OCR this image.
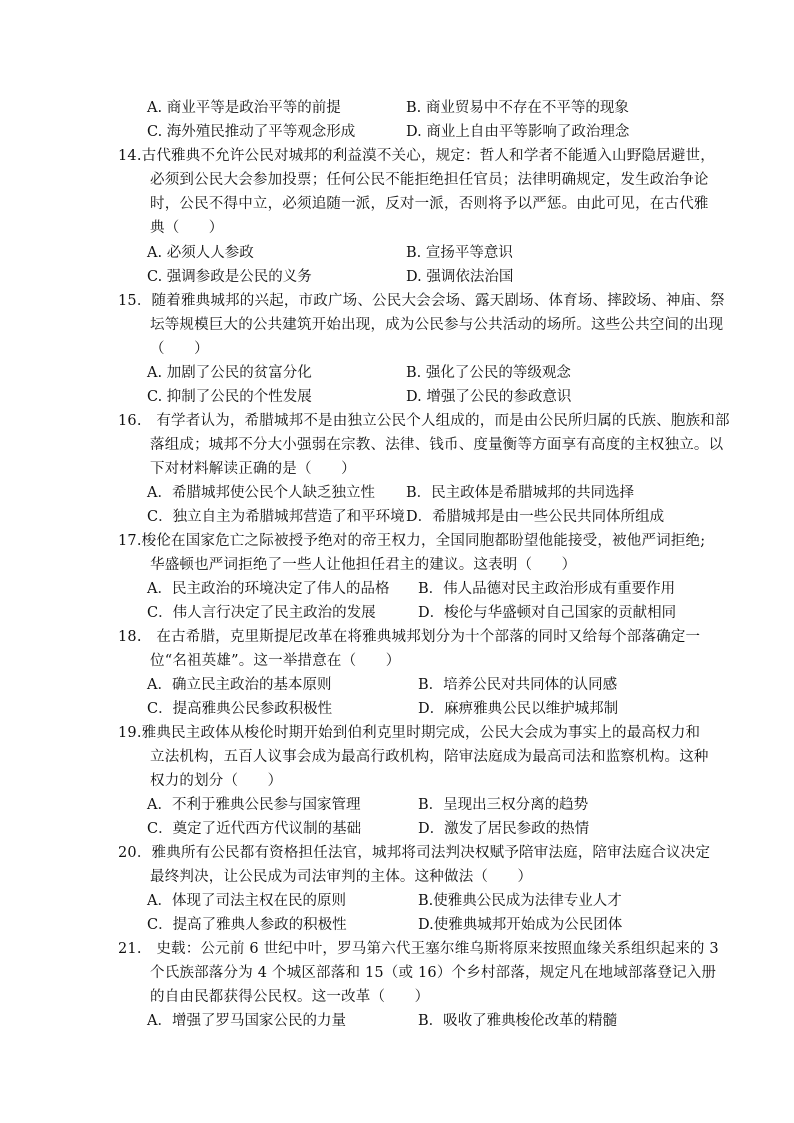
A. 商业平等是政治平等的前提	B. 商业贸易中不存在不平等的现象
C. 海外殖民推动了平等观念形成	D. 商业上自由平等影响了政治理念
14.古代雅典不允许公民对城邦的利益漠不关心，规定：哲人和学者不能遁入山野隐居避世，
必须到公民大会参加投票；任何公民不能拒绝担任官员；法律明确规定，发生政治争论
时，公民不得中立，必须追随一派，反对一派，否则将予以严惩。由此可见，在古代雅
典（　　）
A. 必须人人参政	B. 宣扬平等意识
C. 强调参政是公民的义务	D. 强调依法治国
15．随着雅典城邦的兴起，市政广场、公民大会会场、露天剧场、体育场、摔跤场、神庙、祭
坛等规模巨大的公共建筑开始出现，成为公民参与公共活动的场所。这些公共空间的出现
（　　）
A. 加剧了公民的贫富分化	B. 强化了公民的等级观念
C. 抑制了公民的个性发展	D. 增强了公民的参政意识
16.　有学者认为，希腊城邦不是由独立公民个人组成的，而是由公民所归属的氏族、胞族和部
落组成；城邦不分大小强弱在宗教、法律、钱币、度量衡等方面享有高度的主权独立。以
下对材料解读正确的是（　　）
A．希腊城邦使公民个人缺乏独立性 B．民主政体是希腊城邦的共同选择
C．独立自主为希腊城邦营造了和平环境 D．希腊城邦是由一些公民共同体所组成
17.梭伦在国家危亡之际被授予绝对的帝王权力，全国同胞都盼望他能接受，被他严词拒绝;
华盛顿也严词拒绝了一些人让他担任君主的建议。这表明（　　）
A．民主政治的环境决定了伟人的品格 B．伟人品德对民主政治形成有重要作用
C．伟人言行决定了民主政治的发展	D．梭伦与华盛顿对自己国家的贡献相同
18.　在古希腊，克里斯提尼改革在将雅典城邦划分为十个部落的同时又给每个部落确定一
位“名祖英雄”。这一举措意在（　　）
A．确立民主政治的基本原则	B．培养公民对共同体的认同感
C．提高雅典公民参政积极性	D．麻痹雅典公民以维护城邦制
19.雅典民主政体从梭伦时期开始到伯利克里时期完成，公民大会成为事实上的最高权力和
立法机构，五百人议事会成为最高行政机构，陪审法庭成为最高司法和监察机构。这种
权力的划分（　　）
A．不利于雅典公民参与国家管理	B．呈现出三权分离的趋势
C．奠定了近代西方代议制的基础	D．激发了居民参政的热情
20．雅典所有公民都有资格担任法官，城邦将司法判决权赋予陪审法庭，陪审法庭合议决定
最终判决，让公民成为司法审判的主体。这种做法（　　）
A．体现了司法主权在民的原则	B.使雅典公民成为法律专业人才
C．提高了雅典人参政的积极性	D.使雅典城邦开始成为公民团体
21.　史载：公元前 6 世纪中叶，罗马第六代王塞尔维乌斯将原来按照血缘关系组织起来的 3
个氏族部落分为 4 个城区部落和 15（或 16）个乡村部落，规定凡在地域部落登记入册
的自由民都获得公民权。这一改革（　　）
A．增强了罗马国家公民的力量	B．吸收了雅典梭伦改革的精髓
